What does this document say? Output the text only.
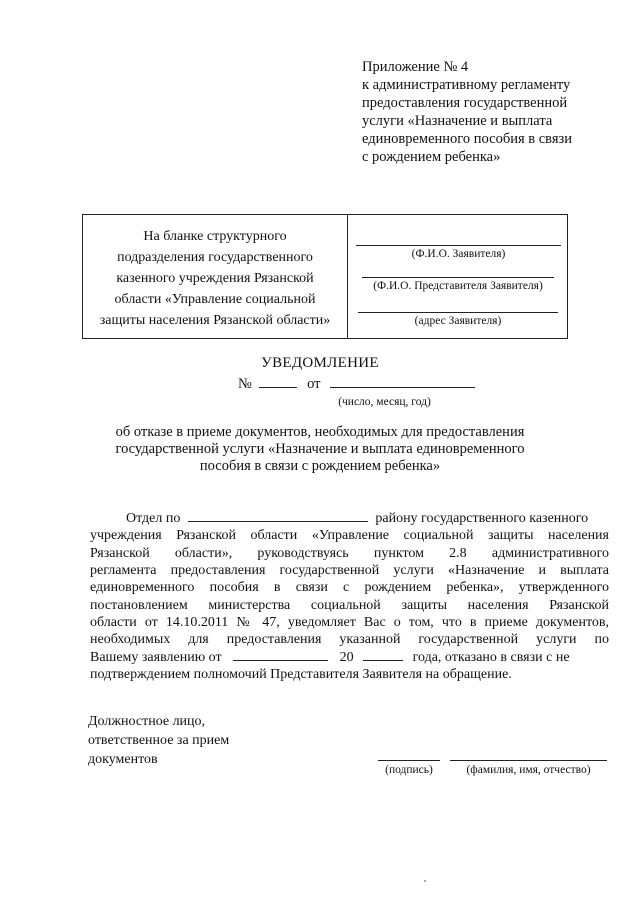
Приложение № 4
к административному регламенту
предоставления государственной
услуги «Назначение и выплата
единовременного пособия в связи
с рождением ребенка»
На бланке структурного
подразделения государственного
казенного учреждения Рязанской
области «Управление социальной
защиты населения Рязанской области»
(Ф.И.О. Заявителя)
(Ф.И.О. Представителя Заявителя)
(адрес Заявителя)
УВЕДОМЛЕНИЕ
№	от
(число, месяц, год)
об отказе в приеме документов, необходимых для предоставления
государственной услуги «Назначение и выплата единовременного
пособия в связи с рождением ребенка»
Отдел по	району государственного казенного
учреждения Рязанской области «Управление социальной защиты населения
Рязанской области», руководствуясь пунктом 2.8 административного
регламента предоставления государственной услуги «Назначение и выплата
единовременного пособия в связи с рождением ребенка», утвержденного
постановлением министерства социальной защиты населения Рязанской
области от 14.10.2011 № 47, уведомляет Вас о том, что в приеме документов,
необходимых для предоставления указанной государственной услуги по
Вашему заявлению от	20	года, отказано в связи с не
подтверждением полномочий Представителя Заявителя на обращение.
Должностное лицо,
ответственное за прием
документов
(подпись)	(фамилия, имя, отчество)
